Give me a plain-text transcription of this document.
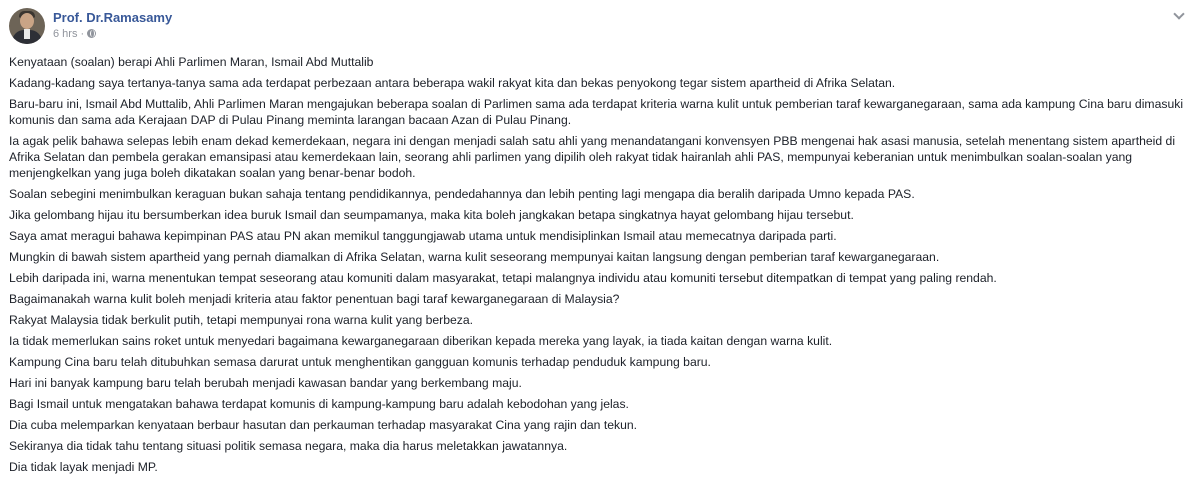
Prof. Dr.Ramasamy
6 hrs ·

Kenyataan (soalan) berapi Ahli Parlimen Maran, Ismail Abd Muttalib

Kadang-kadang saya tertanya-tanya sama ada terdapat perbezaan antara beberapa wakil rakyat kita dan bekas penyokong tegar sistem apartheid di Afrika Selatan.

Baru-baru ini, Ismail Abd Muttalib, Ahli Parlimen Maran mengajukan beberapa soalan di Parlimen sama ada terdapat kriteria warna kulit untuk pemberian taraf kewarganegaraan, sama ada kampung Cina baru dimasuki komunis dan sama ada Kerajaan DAP di Pulau Pinang meminta larangan bacaan Azan di Pulau Pinang.

Ia agak pelik bahawa selepas lebih enam dekad kemerdekaan, negara ini dengan menjadi salah satu ahli yang menandatangani konvensyen PBB mengenai hak asasi manusia, setelah menentang sistem apartheid di Afrika Selatan dan pembela gerakan emansipasi atau kemerdekaan lain, seorang ahli parlimen yang dipilih oleh rakyat tidak hairanlah ahli PAS, mempunyai keberanian untuk menimbulkan soalan-soalan yang menjengkelkan yang juga boleh dikatakan soalan yang benar-benar bodoh.

Soalan sebegini menimbulkan keraguan bukan sahaja tentang pendidikannya, pendedahannya dan lebih penting lagi mengapa dia beralih daripada Umno kepada PAS.

Jika gelombang hijau itu bersumberkan idea buruk Ismail dan seumpamanya, maka kita boleh jangkakan betapa singkatnya hayat gelombang hijau tersebut.

Saya amat meragui bahawa kepimpinan PAS atau PN akan memikul tanggungjawab utama untuk mendisiplinkan Ismail atau memecatnya daripada parti.

Mungkin di bawah sistem apartheid yang pernah diamalkan di Afrika Selatan, warna kulit seseorang mempunyai kaitan langsung dengan pemberian taraf kewarganegaraan.

Lebih daripada ini, warna menentukan tempat seseorang atau komuniti dalam masyarakat, tetapi malangnya individu atau komuniti tersebut ditempatkan di tempat yang paling rendah.

Bagaimanakah warna kulit boleh menjadi kriteria atau faktor penentuan bagi taraf kewarganegaraan di Malaysia?

Rakyat Malaysia tidak berkulit putih, tetapi mempunyai rona warna kulit yang berbeza.

Ia tidak memerlukan sains roket untuk menyedari bagaimana kewarganegaraan diberikan kepada mereka yang layak, ia tiada kaitan dengan warna kulit.

Kampung Cina baru telah ditubuhkan semasa darurat untuk menghentikan gangguan komunis terhadap penduduk kampung baru.

Hari ini banyak kampung baru telah berubah menjadi kawasan bandar yang berkembang maju.

Bagi Ismail untuk mengatakan bahawa terdapat komunis di kampung-kampung baru adalah kebodohan yang jelas.

Dia cuba melemparkan kenyataan berbaur hasutan dan perkauman terhadap masyarakat Cina yang rajin dan tekun.

Sekiranya dia tidak tahu tentang situasi politik semasa negara, maka dia harus meletakkan jawatannya.

Dia tidak layak menjadi MP.
